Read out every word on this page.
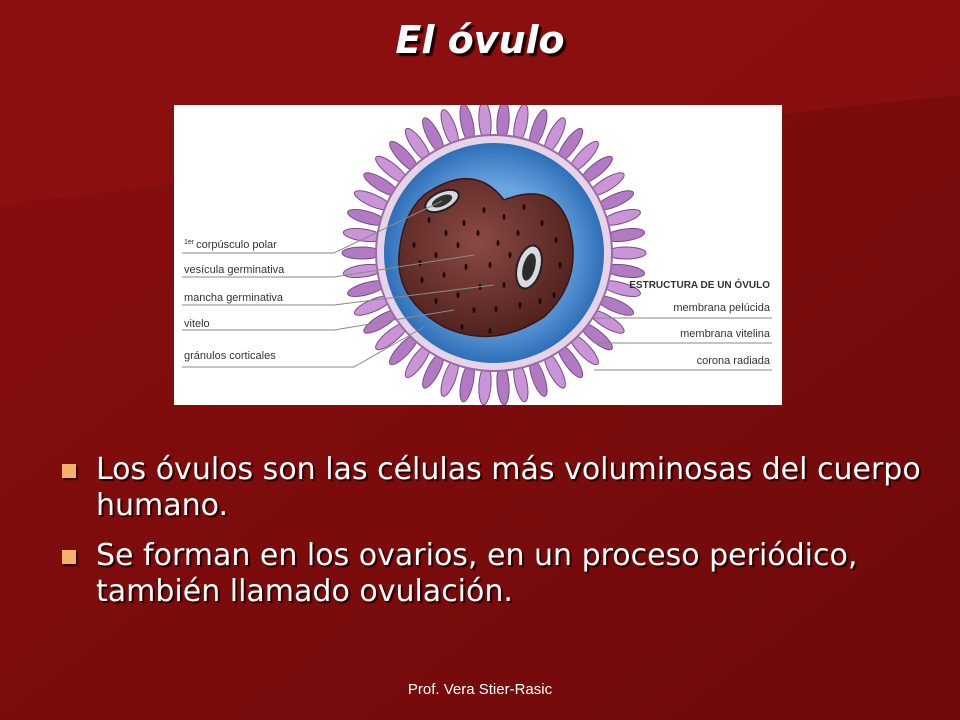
El óvulo
$^{1er}$ corpúsculo polar
vesícula germinativa
mancha germinativa
vitelo
gránulos corticales
ESTRUCTURA DE UN ÓVULO
membrana pelúcida
membrana vitelina
corona radiada
Los óvulos son las células más voluminosas del cuerpo humano.
Se forman en los ovarios, en un proceso periódico, también llamado ovulación.
Prof. Vera Stier-Rasic
